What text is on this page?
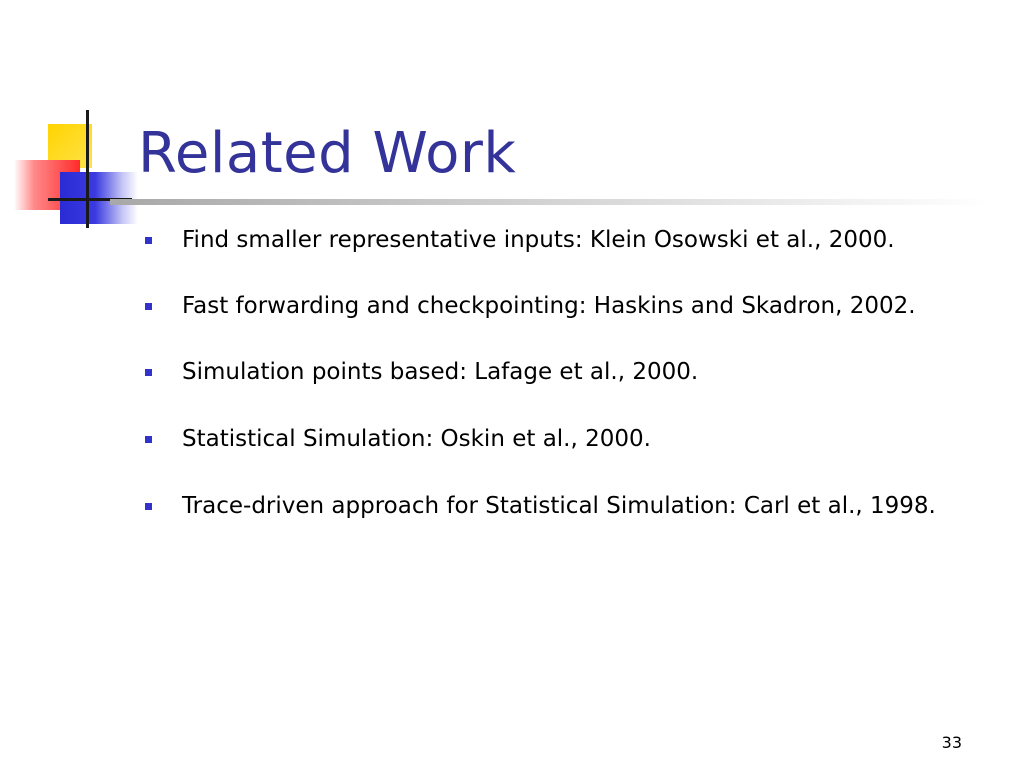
Related Work
Find smaller representative inputs: Klein Osowski et al., 2000.
Fast forwarding and checkpointing: Haskins and Skadron, 2002.
Simulation points based: Lafage et al., 2000.
Statistical Simulation: Oskin et al., 2000.
Trace-driven approach for Statistical Simulation: Carl et al., 1998.
33
